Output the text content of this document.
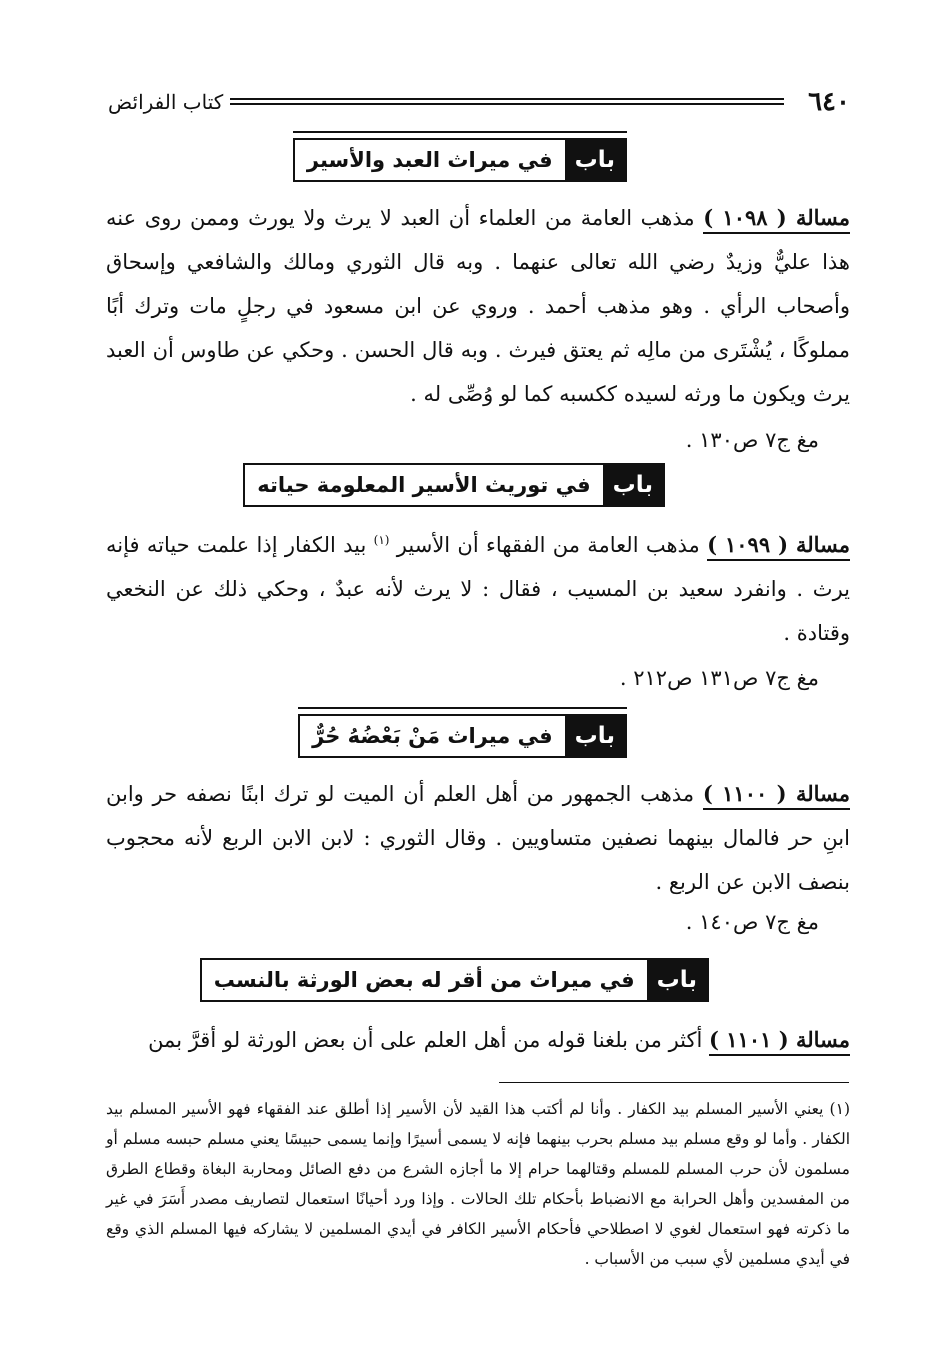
٦٤٠
كتاب الفرائض
باب
في ميراث العبد والأسير
مسالة ( ١٠٩٨ ) مذهب العامة من العلماء أن العبد لا يرث ولا يورث وممن روى عنه هذا عليٌّ وزيدٌ رضي الله تعالى عنهما . وبه قال الثوري ومالك والشافعي وإسحاق وأصحاب الرأي . وهو مذهب أحمد . وروي عن ابن مسعود في رجلٍ مات وترك أبًا مملوكًا ، يُشْتَرى من مالِه ثم يعتق فيرث . وبه قال الحسن . وحكي عن طاوس أن العبد يرث ويكون ما ورثه لسيده ككسبه كما لو وُصِّى له .
مغ ج٧ ص١٣٠ .
باب
في توريث الأسير المعلومة حياته
مسالة ( ١٠٩٩ ) مذهب العامة من الفقهاء أن الأسير $^{(١)}$ بيد الكفار إذا علمت حياته فإنه يرث . وانفرد سعيد بن المسيب ، فقال : لا يرث لأنه عبدٌ ، وحكي ذلك عن النخعي وقتادة .
مغ ج٧ ص١٣١ ص٢١٢ .
باب
في ميراث مَنْ بَعْضُهُ حُرٌّ
مسالة ( ١١٠٠ ) مذهب الجمهور من أهل العلم أن الميت لو ترك ابنًا نصفه حر وابن ابنِ حر فالمال بينهما نصفين متساويين . وقال الثوري : لابن الابن الربع لأنه محجوب بنصف الابن عن الربع .
مغ ج٧ ص١٤٠ .
باب
في ميراث من أقر له بعض الورثة بالنسب
مسالة ( ١١٠١ ) أكثر من بلغنا قوله من أهل العلم على أن بعض الورثة لو أقرَّ بمن
(١) يعني الأسير المسلم بيد الكفار . وأنا لم أكتب هذا القيد لأن الأسير إذا أطلق عند الفقهاء فهو الأسير المسلم بيد الكفار . وأما لو وقع مسلم بيد مسلم بحرب بينهما فإنه لا يسمى أسيرًا وإنما يسمى حبيسًا يعني مسلم حبسه مسلم أو مسلمون لأن حرب المسلم للمسلم وقتالهما حرام إلا ما أجازه الشرع من دفع الصائل ومحاربة البغاة وقطاع الطرق من المفسدين وأهل الحرابة مع الانضباط بأحكام تلك الحالات . وإذا ورد أحيانًا استعمال لتصاريف مصدر أَسَرَ في غير ما ذكرته فهو استعمال لغوي لا اصطلاحي فأحكام الأسير الكافر في أيدي المسلمين لا يشاركه فيها المسلم الذي وقع في أيدي مسلمين لأي سبب من الأسباب .
